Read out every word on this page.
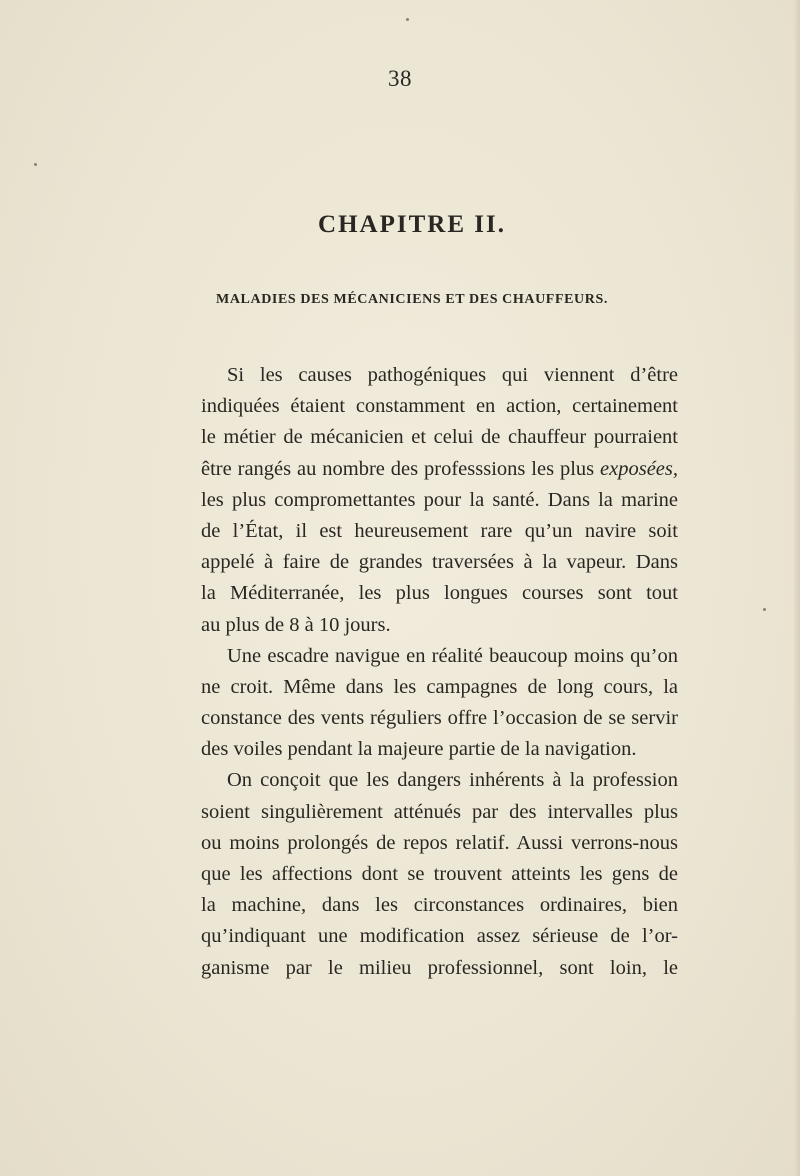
38
CHAPITRE II.
MALADIES DES MÉCANICIENS ET DES CHAUFFEURS.
Si les causes pathogéniques qui viennent d’être
indiquées étaient constamment en action, certainement
le métier de mécanicien et celui de chauffeur pourraient
être rangés au nombre des professsions les plus exposées,
les plus compromettantes pour la santé. Dans la marine
de l’État, il est heureusement rare qu’un navire soit
appelé à faire de grandes traversées à la vapeur. Dans
la Méditerranée, les plus longues courses sont tout
au plus de 8 à 10 jours.
Une escadre navigue en réalité beaucoup moins qu’on
ne croit. Même dans les campagnes de long cours, la
constance des vents réguliers offre l’occasion de se servir
des voiles pendant la majeure partie de la navigation.
On conçoit que les dangers inhérents à la profession
soient singulièrement atténués par des intervalles plus
ou moins prolongés de repos relatif. Aussi verrons-nous
que les affections dont se trouvent atteints les gens de
la machine, dans les circonstances ordinaires, bien
qu’indiquant une modification assez sérieuse de l’or-
ganisme par le milieu professionnel, sont loin, le
